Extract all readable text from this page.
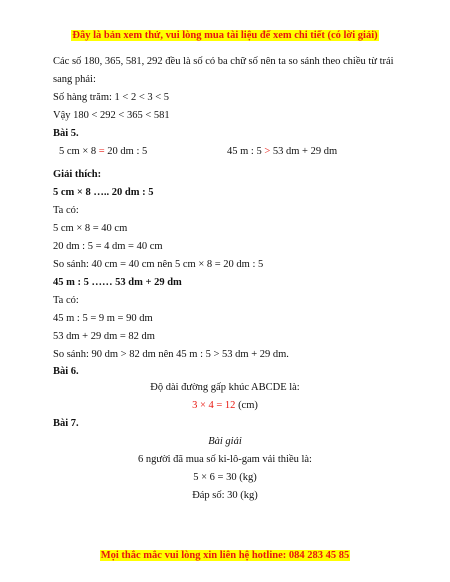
Đây là bản xem thử, vui lòng mua tài liệu để xem chi tiết (có lời giải)
Các số 180, 365, 581, 292 đều là số có ba chữ số nên ta so sánh theo chiều từ trái
sang phải:
Số hàng trăm: 1 < 2 < 3 < 5
Vậy 180 < 292 < 365 < 581
Bài 5.
5 cm × 8 = 20 dm : 5	45 m : 5 > 53 dm + 29 dm
Giải thích:
5 cm × 8 ….. 20 dm : 5
Ta có:
5 cm × 8 = 40 cm
20 dm : 5 = 4 dm = 40 cm
So sánh: 40 cm = 40 cm nên 5 cm × 8 = 20 dm : 5
45 m : 5 …… 53 dm + 29 dm
Ta có:
45 m : 5 = 9 m = 90 dm
53 dm + 29 dm = 82 dm
So sánh: 90 dm > 82 dm nên 45 m : 5 > 53 dm + 29 dm.
Bài 6.
Độ dài đường gấp khúc ABCDE là:
3 × 4 = 12 (cm)
Bài 7.
Bài giải
6 người đã mua số ki-lô-gam vải thiều là:
5 × 6 = 30 (kg)
Đáp số: 30 (kg)
Mọi thắc mắc vui lòng xin liên hệ hotline: 084 283 45 85
